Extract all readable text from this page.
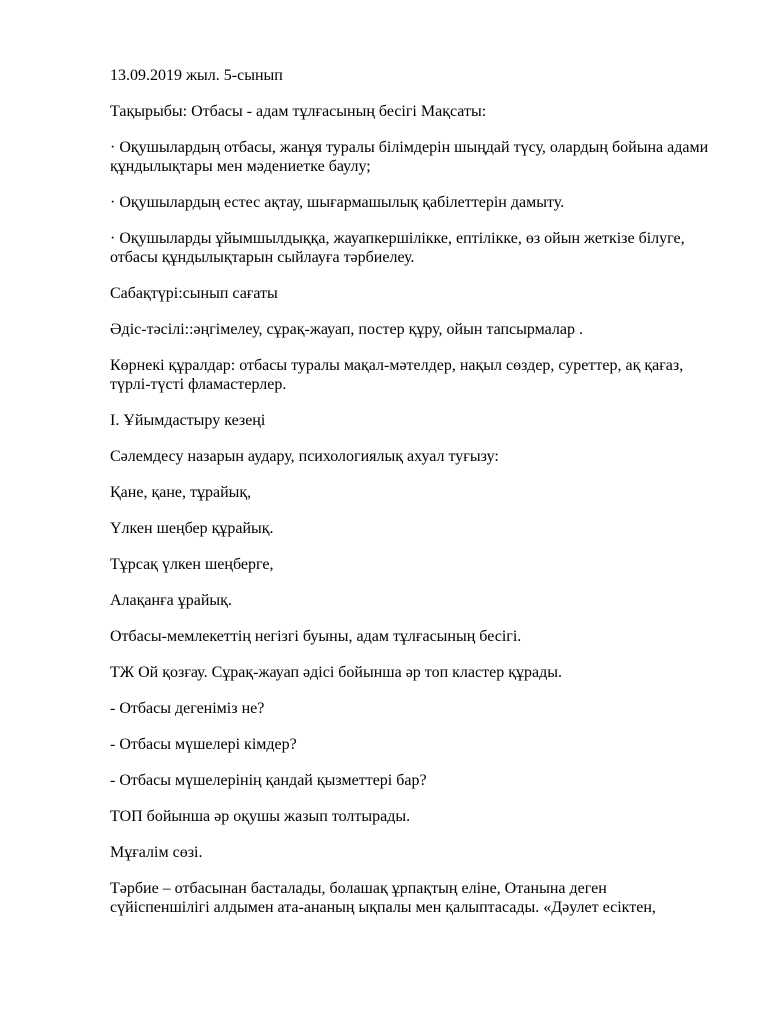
13.09.2019 жыл. 5-сынып

Тақырыбы: Отбасы - адам тұлғасының бесігі Мақсаты:

· Оқушылардың отбасы, жанұя туралы білімдерін шыңдай түсу, олардың бойына адами құндылықтары мен мәдениетке баулу;

· Оқушылардың естес ақтау, шығармашылық қабілеттерін дамыту.

· Оқушыларды ұйымшылдыққа, жауапкершілікке, ептілікке, өз ойын жеткізе білуге, отбасы құндылықтарын сыйлауға тәрбиелеу.

Сабақтүрі:сынып сағаты

Әдіс-тәсілі::әңгімелеу, сұрақ-жауап, постер құру, ойын тапсырмалар .

Көрнекі құралдар: отбасы туралы мақал-мәтелдер, нақыл сөздер, суреттер, ақ қағаз, түрлі-түсті фламастерлер.

I. Ұйымдастыру кезеңі

Сәлемдесу назарын аудару, психологиялық ахуал туғызу:

Қане, қане, тұрайық,

Үлкен шеңбер құрайық.

Тұрсақ үлкен шеңберге,

Алақанға ұрайық.

Отбасы-мемлекеттің негізгі буыны, адам тұлғасының бесігі.

ТЖ Ой қозғау. Сұрақ-жауап әдісі бойынша әр топ кластер құрады.

- Отбасы дегеніміз не?

- Отбасы мүшелері кімдер?

- Отбасы мүшелерінің қандай қызметтері бар?

ТОП бойынша әр оқушы жазып толтырады.

Мұғалім сөзі.

Тәрбие – отбасынан басталады, болашақ ұрпақтың еліне, Отанына деген сүйіспеншілігі алдымен ата-ананың ықпалы мен қалыптасады. «Дәулет есіктен,
